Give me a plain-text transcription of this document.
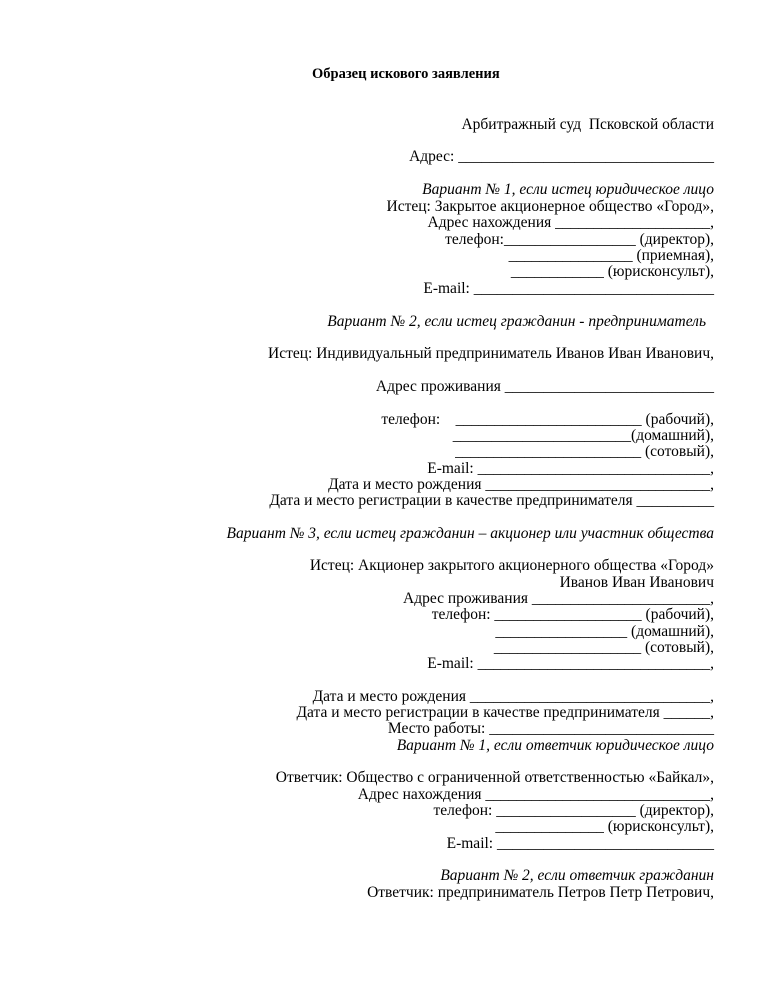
Образец искового заявления
Арбитражный суд  Псковской области
Адрес: _________________________________
Вариант № 1, если истец юридическое лицо
Истец: Закрытое акционерное общество «Город»,
Адрес нахождения ____________________,
телефон:_________________ (директор),
________________ (приемная),
____________ (юрисконсульт),
E-mail: _______________________________
Вариант № 2, если истец гражданин - предприниматель
Истец: Индивидуальный предприниматель Иванов Иван Иванович,
Адрес проживания ___________________________
телефон:    ________________________ (рабочий),
_______________________(домашний),
________________________ (сотовый),
E-mail: ______________________________,
Дата и место рождения _____________________________,
Дата и место регистрации в качестве предпринимателя __________
Вариант № 3, если истец гражданин – акционер или участник общества
Истец: Акционер закрытого акционерного общества «Город»
Иванов Иван Иванович
Адрес проживания _______________________,
телефон: ___________________ (рабочий),
_________________ (домашний),
___________________ (сотовый),
E-mail: ______________________________,
Дата и место рождения _______________________________,
Дата и место регистрации в качестве предпринимателя ______,
Место работы: _____________________________
Вариант № 1, если ответчик юридическое лицо
Ответчик: Общество с ограниченной ответственностью «Байкал»,
Адрес нахождения _____________________________,
телефон: __________________ (директор),
______________ (юрисконсульт),
E-mail: ____________________________
Вариант № 2, если ответчик гражданин
Ответчик: предприниматель Петров Петр Петрович,
